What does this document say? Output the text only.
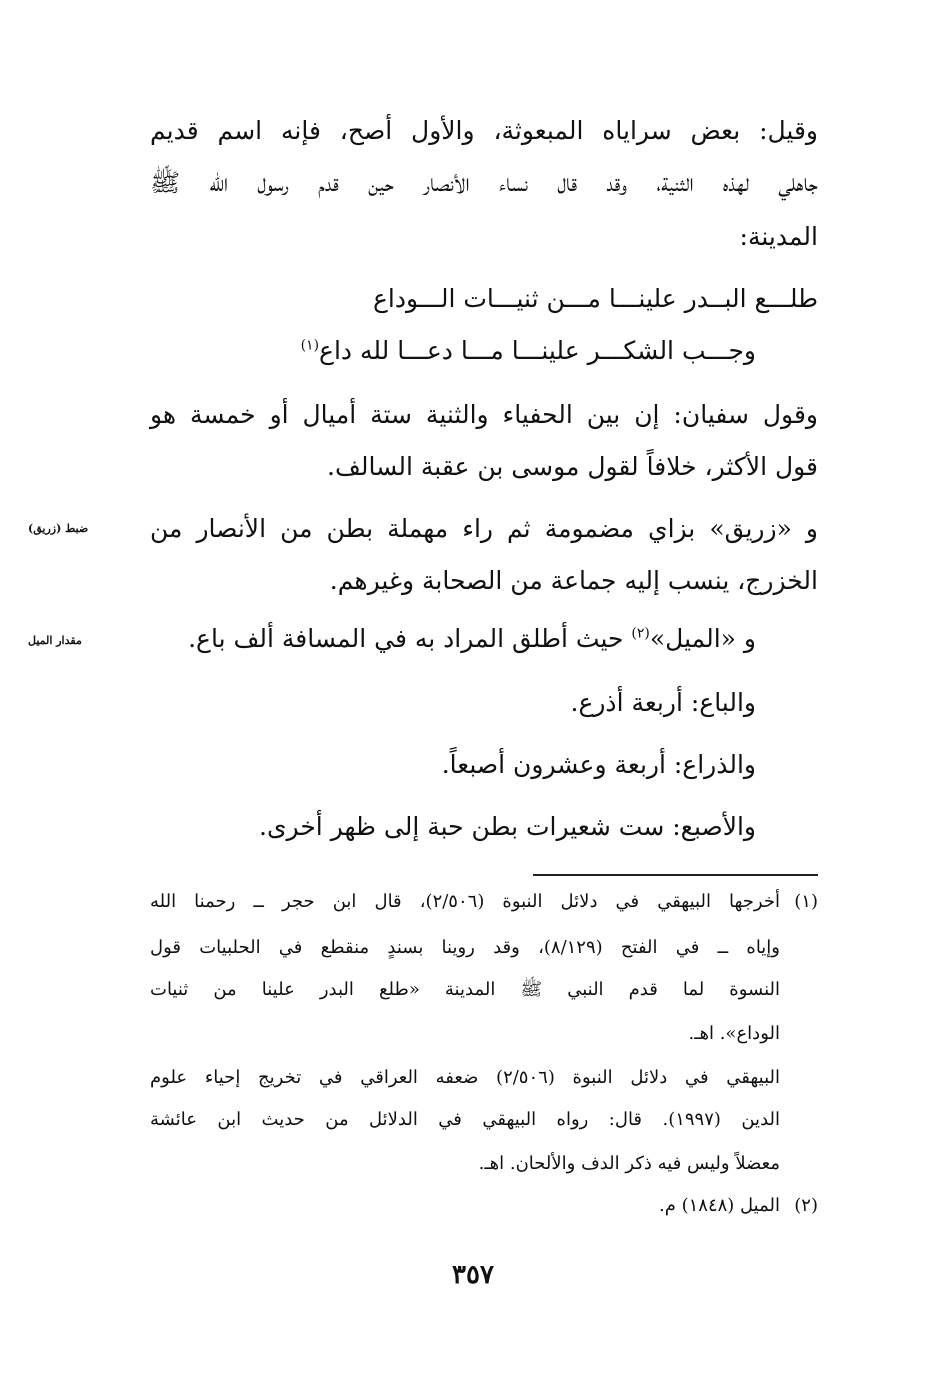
وقيل: بعض سراياه المبعوثة، والأول أصح، فإنه اسم قديم
جاهلي لهذه الثنية، وقد قال نساء الأنصار حين قدم رسول الله ﷺ
المدينة:
طلـــع البــدر علينـــا مـــن ثنيـــات الـــوداع
وجـــب الشكـــر علينـــا مـــا دعـــا لله داع$^{(١)}$
وقول سفيان: إن بين الحفياء والثنية ستة أميال أو خمسة هو
قول الأكثر، خلافاً لقول موسى بن عقبة السالف.
و «زريق» بزاي مضمومة ثم راء مهملة بطن من الأنصار من
ضبط (زريق)
الخزرج، ينسب إليه جماعة من الصحابة وغيرهم.
و «الميل»$^{(٢)}$ حيث أطلق المراد به في المسافة ألف باع.
مقدار الميل
والباع: أربعة أذرع.
والذراع: أربعة وعشرون أصبعاً.
والأصبع: ست شعيرات بطن حبة إلى ظهر أخرى.
(١)
أخرجها البيهقي في دلائل النبوة (٢/٥٠٦)، قال ابن حجر ــ رحمنا الله
وإياه ــ في الفتح (٨/١٢٩)، وقد روينا بسندٍ منقطع في الحلبيات قول
النسوة لما قدم النبي ﷺ المدينة «طلع البدر علينا من ثنيات
الوداع». اهـ.
البيهقي في دلائل النبوة (٢/٥٠٦) ضعفه العراقي في تخريج إحياء علوم
الدين (١٩٩٧). قال: رواه البيهقي في الدلائل من حديث ابن عائشة
معضلاً وليس فيه ذكر الدف والألحان. اهـ.
(٢)
الميل (١٨٤٨) م.
٣٥٧
